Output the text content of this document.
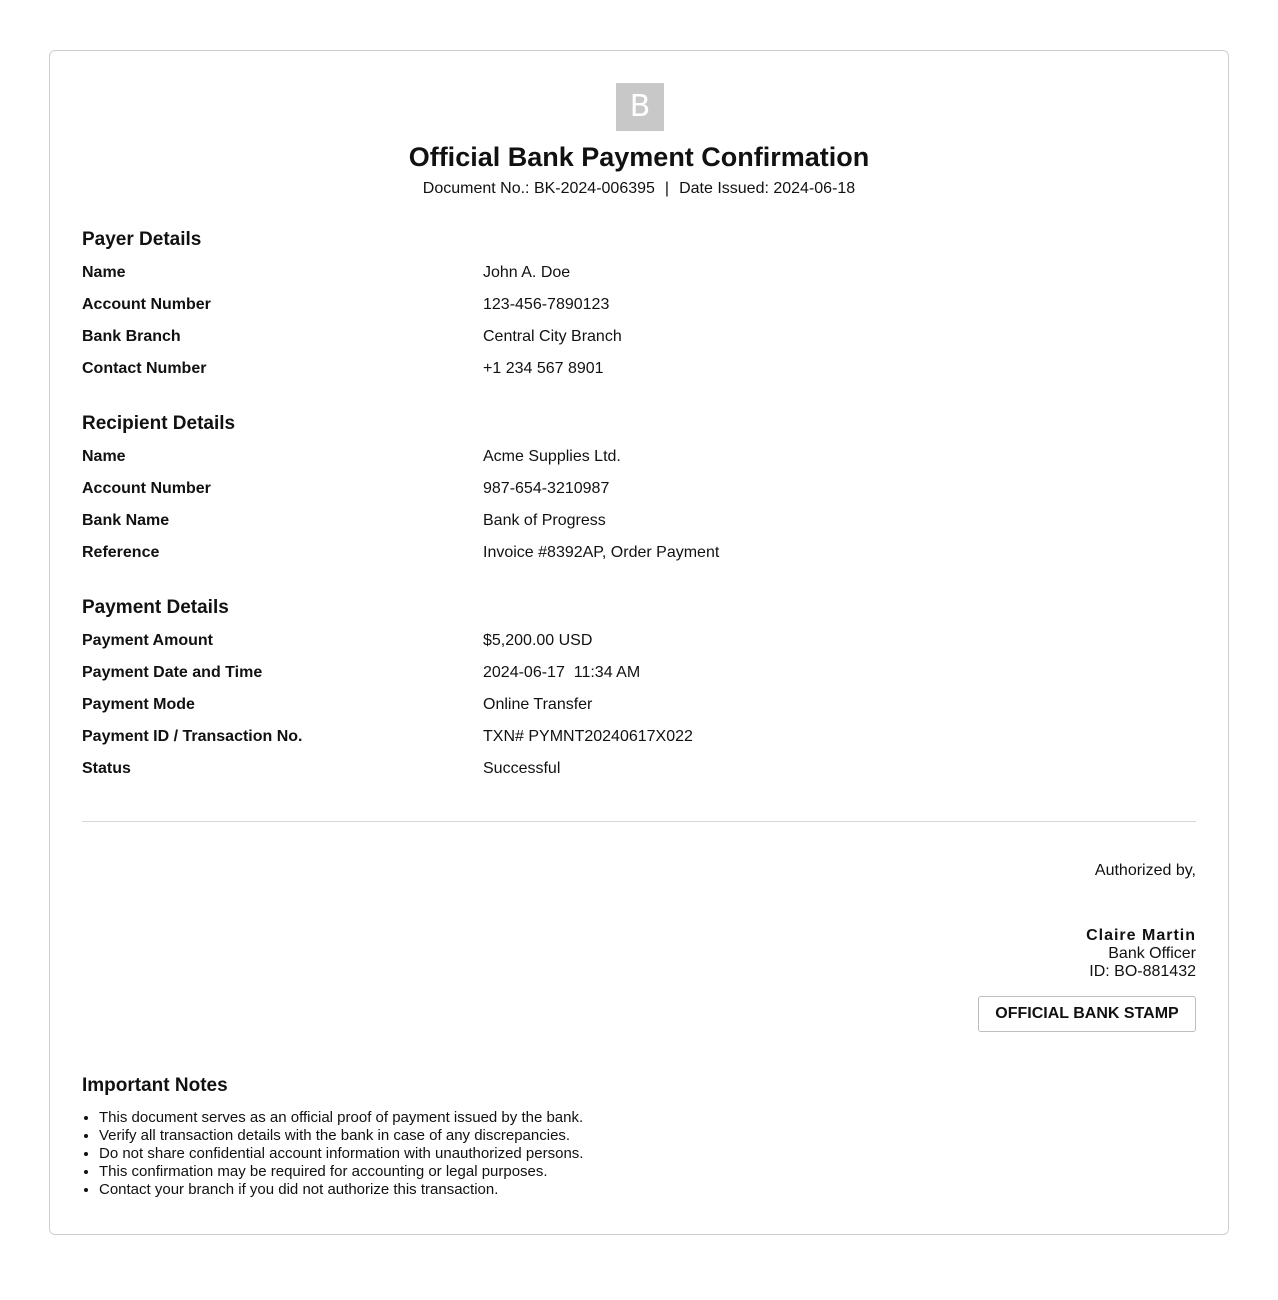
B
Official Bank Payment Confirmation
Document No.: BK-2024-006395 | Date Issued: 2024-06-18
Payer Details
Name	John A. Doe
Account Number	123-456-7890123
Bank Branch	Central City Branch
Contact Number	+1 234 567 8901
Recipient Details
Name	Acme Supplies Ltd.
Account Number	987-654-3210987
Bank Name	Bank of Progress
Reference	Invoice #8392AP, Order Payment
Payment Details
Payment Amount	$5,200.00 USD
Payment Date and Time	2024-06-17  11:34 AM
Payment Mode	Online Transfer
Payment ID / Transaction No.	TXN# PYMNT20240617X022
Status	Successful
Authorized by,
Claire Martin
Bank Officer
ID: BO-881432
OFFICIAL BANK STAMP
Important Notes
• This document serves as an official proof of payment issued by the bank.
• Verify all transaction details with the bank in case of any discrepancies.
• Do not share confidential account information with unauthorized persons.
• This confirmation may be required for accounting or legal purposes.
• Contact your branch if you did not authorize this transaction.
